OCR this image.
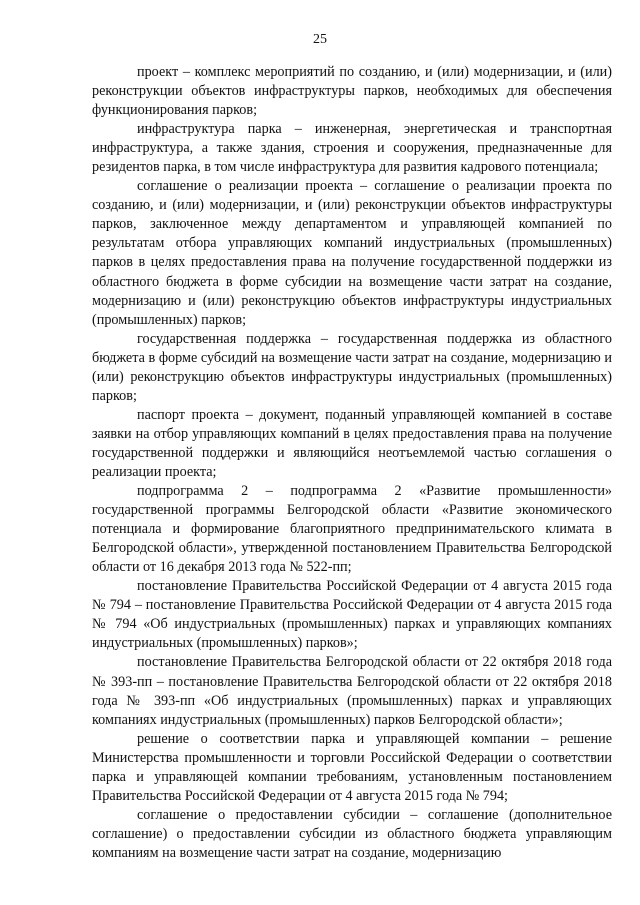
25

проект – комплекс мероприятий по созданию, и (или) модернизации, и (или) реконструкции объектов инфраструктуры парков, необходимых для обеспечения функционирования парков;

инфраструктура парка – инженерная, энергетическая и транспортная инфраструктура, а также здания, строения и сооружения, предназначенные для резидентов парка, в том числе инфраструктура для развития кадрового потенциала;

соглашение о реализации проекта – соглашение о реализации проекта по созданию, и (или) модернизации, и (или) реконструкции объектов инфраструктуры парков, заключенное между департаментом и управляющей компанией по результатам отбора управляющих компаний индустриальных (промышленных) парков в целях предоставления права на получение государственной поддержки из областного бюджета в форме субсидии на возмещение части затрат на создание, модернизацию и (или) реконструкцию объектов инфраструктуры индустриальных (промышленных) парков;

государственная поддержка – государственная поддержка из областного бюджета в форме субсидий на возмещение части затрат на создание, модернизацию и (или) реконструкцию объектов инфраструктуры индустриальных (промышленных) парков;

паспорт проекта – документ, поданный управляющей компанией в составе заявки на отбор управляющих компаний в целях предоставления права на получение государственной поддержки и являющийся неотъемлемой частью соглашения о реализации проекта;

подпрограмма 2 – подпрограмма 2 «Развитие промышленности» государственной программы Белгородской области «Развитие экономического потенциала и формирование благоприятного предпринимательского климата в Белгородской области», утвержденной постановлением Правительства Белгородской области от 16 декабря 2013 года № 522-пп;

постановление Правительства Российской Федерации от 4 августа 2015 года № 794 – постановление Правительства Российской Федерации от 4 августа 2015 года № 794 «Об индустриальных (промышленных) парках и управляющих компаниях индустриальных (промышленных) парков»;

постановление Правительства Белгородской области от 22 октября 2018 года № 393-пп – постановление Правительства Белгородской области от 22 октября 2018 года № 393-пп «Об индустриальных (промышленных) парках и управляющих компаниях индустриальных (промышленных) парков Белгородской области»;

решение о соответствии парка и управляющей компании – решение Министерства промышленности и торговли Российской Федерации о соответствии парка и управляющей компании требованиям, установленным постановлением Правительства Российской Федерации от 4 августа 2015 года № 794;

соглашение о предоставлении субсидии – соглашение (дополнительное соглашение) о предоставлении субсидии из областного бюджета управляющим компаниям на возмещение части затрат на создание, модернизацию
